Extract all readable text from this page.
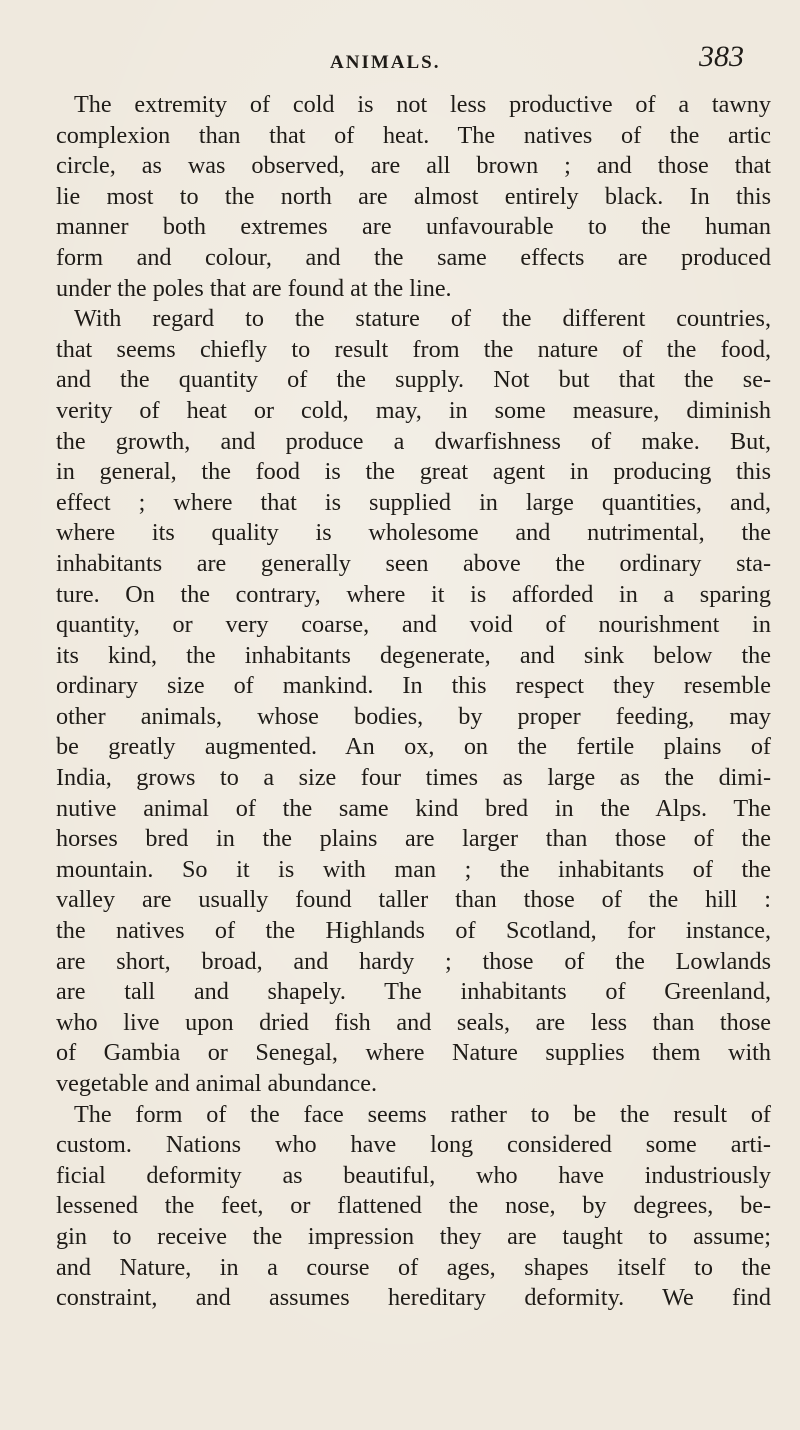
ANIMALS.	383
The extremity of cold is not less productive of a tawny
complexion than that of heat. The natives of the artic
circle, as was observed, are all brown ; and those that
lie most to the north are almost entirely black. In this
manner both extremes are unfavourable to the human
form and colour, and the same effects are produced
under the poles that are found at the line.
With regard to the stature of the different countries,
that seems chiefly to result from the nature of the food,
and the quantity of the supply. Not but that the se-
verity of heat or cold, may, in some measure, diminish
the growth, and produce a dwarfishness of make. But,
in general, the food is the great agent in producing this
effect ; where that is supplied in large quantities, and,
where its quality is wholesome and nutrimental, the
inhabitants are generally seen above the ordinary sta-
ture. On the contrary, where it is afforded in a sparing
quantity, or very coarse, and void of nourishment in
its kind, the inhabitants degenerate, and sink below the
ordinary size of mankind. In this respect they resemble
other animals, whose bodies, by proper feeding, may
be greatly augmented. An ox, on the fertile plains of
India, grows to a size four times as large as the dimi-
nutive animal of the same kind bred in the Alps. The
horses bred in the plains are larger than those of the
mountain. So it is with man ; the inhabitants of the
valley are usually found taller than those of the hill :
the natives of the Highlands of Scotland, for instance,
are short, broad, and hardy ; those of the Lowlands
are tall and shapely. The inhabitants of Greenland,
who live upon dried fish and seals, are less than those
of Gambia or Senegal, where Nature supplies them with
vegetable and animal abundance.
The form of the face seems rather to be the result of
custom. Nations who have long considered some arti-
ficial deformity as beautiful, who have industriously
lessened the feet, or flattened the nose, by degrees, be-
gin to receive the impression they are taught to assume;
and Nature, in a course of ages, shapes itself to the
constraint, and assumes hereditary deformity. We find
